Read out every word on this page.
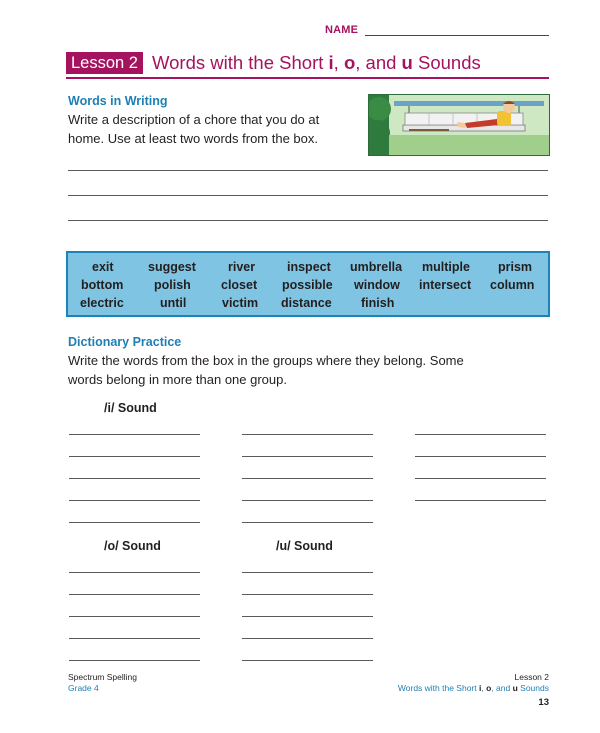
NAME
Lesson 2 Words with the Short i, o, and u Sounds
Words in Writing
Write a description of a chore that you do at
home. Use at least two words from the box.
exit	suggest	river	inspect umbrella multiple prism
bottom polish closet possible window intersect column
electric	until	victim distance finish
Dictionary Practice
Write the words from the box in the groups where they belong. Some
words belong in more than one group.
/i/ Sound
/o/ Sound	/u/ Sound
Spectrum Spelling
Grade 4
Lesson 2
Words with the Short i, o, and u Sounds
13
